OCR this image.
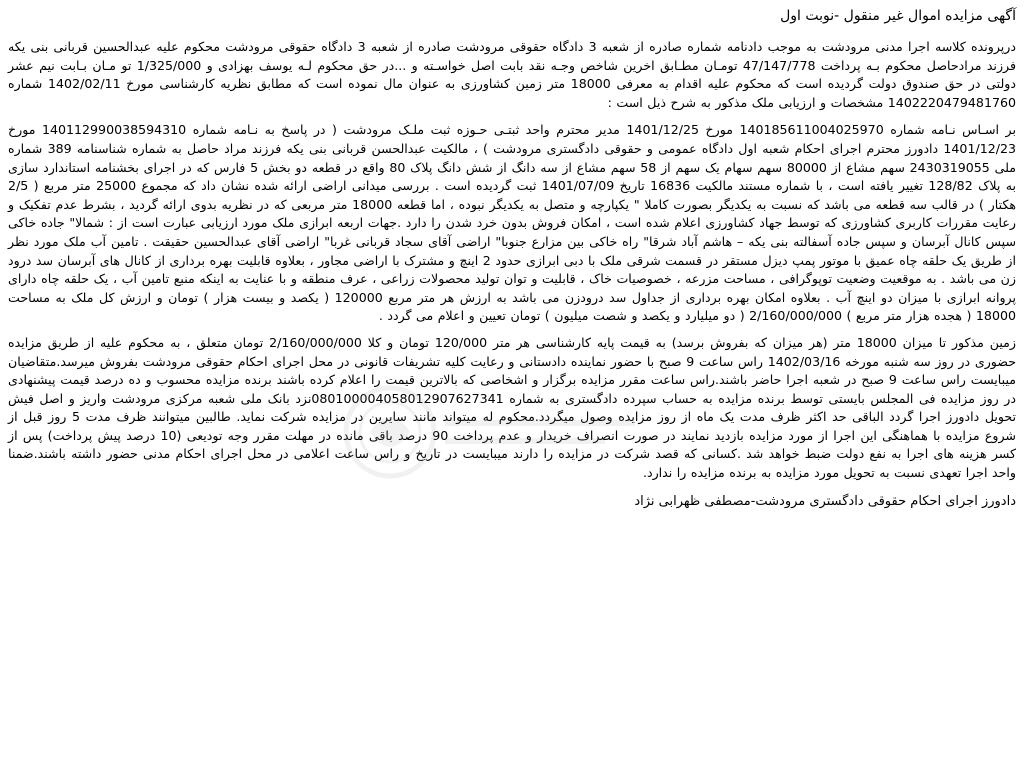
آگهی مزایده اموال غیر منقول -نوبت اول

درپرونده کلاسه اجرا مدنی مرودشت به موجب دادنامه شماره صادره از شعبه 3 دادگاه حقوقی مرودشت صادره از شعبه 3 دادگاه حقوقی مرودشت محکوم علیه عبدالحسین قربانی بنی یکه فرزند مرادحاصل محکوم بـه پرداخت 47/147/778 تومـان مطـابق اخرین شاخص وجـه نقد بابت اصل خواسـته و ...در حق محکوم لـه یوسف بهزادی و 1/325/000 تو مـان بـابت نیم عشر دولتی در حق صندوق دولت گردیده است که محکوم علیه اقدام به معرفی 18000 متر زمین کشاورزی به عنوان مال نموده است که مطابق نظریه کارشناسی مورخ 1402/02/11 شماره 140222047948176​0 مشخصات و ارزیابی ملک مذکور به شرح ذیل است :

بر اسـاس نـامه شماره 140185611004025970 مورخ 1401/12/25 مدیر محترم واحد ثبتـی حـوزه ثبت ملـک مرودشت ( در پاسخ به نـامه شماره 140112990038594310 مورخ 1401/12/23 دادورز محترم اجرای احکام شعبه اول دادگاه عمومی و حقوقی دادگستری مرودشت ) ، مالکیت عبدالحسن قربانی بنی یکه فرزند مراد حاصل به شماره شناسنامه 389 شماره ملی 2430319055 سهم مشاع از 80000 سهم سهام یک سهم از 58 سهم مشاع از سه دانگ از شش دانگ پلاک 80 واقع در قطعه دو بخش 5 فارس که در اجرای بخشنامه استاندارد سازی به پلاک 128/82 تغییر یافته است ، با شماره مستند مالکیت 16836 تاریخ 1401/07/09 ثبت گردیده است . بررسی میدانی اراضی ارائه شده نشان داد که مجموع 25000 متر مربع ( 2/5 هکتار ) در قالب سه قطعه می باشد که نسبت به یکدیگر بصورت کاملا " یکپارچه و متصل به یکدیگر نبوده ، اما قطعه 18000 متر مربعی که در نظریه بدوی ارائه گردید ، بشرط عدم تفکیک و رعایت مقررات کاربری کشاورزی که توسط جهاد کشاورزی اعلام شده است ، امکان فروش بدون خرد شدن را دارد .جهات اربعه ابرازی ملک مورد ارزیابی عبارت است از : شمالا" جاده خاکی سپس کانال آبرسان و سپس جاده آسفالته بنی یکه – هاشم آباد شرقا" راه خاکی بین مزارع جنوبا" اراضی آقای سجاد قربانی غربا" اراضی آقای عبدالحسین حقیقت . تامین آب ملک مورد نظر از طریق یک حلقه چاه عمیق با موتور پمپ دیزل مستقر در قسمت شرقی ملک با دبی ابرازی حدود 2 اینچ و مشترک با اراضی مجاور ، بعلاوه قابلیت بهره برداری از کانال های آبرسان سد درود زن می باشد . به موقعیت وضعیت توپوگرافی ، مساحت مزرعه ، خصوصیات خاک ، قابلیت و توان تولید محصولات زراعی ، عرف منطقه و با عنایت به اینکه منبع تامین آب ، یک حلقه چاه دارای پروانه ابرازی با میزان دو اینچ آب . بعلاوه امکان بهره برداری از جداول سد درودزن می باشد به ارزش هر متر مربع 120000 ( یکصد و بیست هزار ) تومان و ارزش کل ملک به مساحت 18000 ( هجده هزار متر مربع ) 2/160/000/000 ( دو میلیارد و یکصد و شصت میلیون ) تومان تعیین و اعلام می گردد .

زمین مذکور تا میزان 18000 متر (هر میزان که بفروش برسد) به قیمت پایه کارشناسی هر متر 120/000 تومان و کلا 2/160/000/000 تومان متعلق ، به محکوم علیه از طریق مزایده حضوری در روز سه شنبه مورخه 1402/03/16 راس ساعت 9 صبح با حضور نماینده دادستانی و رعایت کلیه تشریفات قانونی در محل اجرای احکام حقوقی مرودشت بفروش میرسد.متقاضیان میبایست راس ساعت 9 صبح در شعبه اجرا حاضر باشند.راس ساعت مقرر مزایده برگزار و اشخاصی که بالاترین قیمت را اعلام کرده باشند برنده مزایده محسوب و ده درصد قیمت پیشنهادی در روز مزایده فی المجلس بایستی توسط برنده مزایده به حساب سپرده دادگستری به شماره 0801000040580129076273​41نزد بانک ملی شعبه مرکزی مرودشت واریز و اصل فیش تحویل دادورز اجرا گردد الباقی حد اکثر ظرف مدت یک ماه از روز مزایده وصول میگردد.محکوم له میتواند مانند سایرین در مزایده شرکت نماید. طالبین میتوانند ظرف مدت 5 روز قبل از شروع مزایده با هماهنگی این اجرا از مورد مزایده بازدید نمایند در صورت انصراف خریدار و عدم پرداخت 90 درصد باقی مانده در مهلت مقرر وجه تودیعی (10 درصد پیش پرداخت) پس از کسر هزینه های اجرا به نفع دولت ضبط خواهد شد .کسانی که قصد شرکت در مزایده را دارند میبایست در تاریخ و راس ساعت اعلامی در محل اجرای احکام مدنی حضور داشته باشند.ضمنا واحد اجرا تعهدی نسبت به تحویل مورد مزایده به برنده مزایده را ندارد.

دادورز اجرای احکام حقوقی دادگستری مرودشت-مصطفی ظهرابی نژاد
